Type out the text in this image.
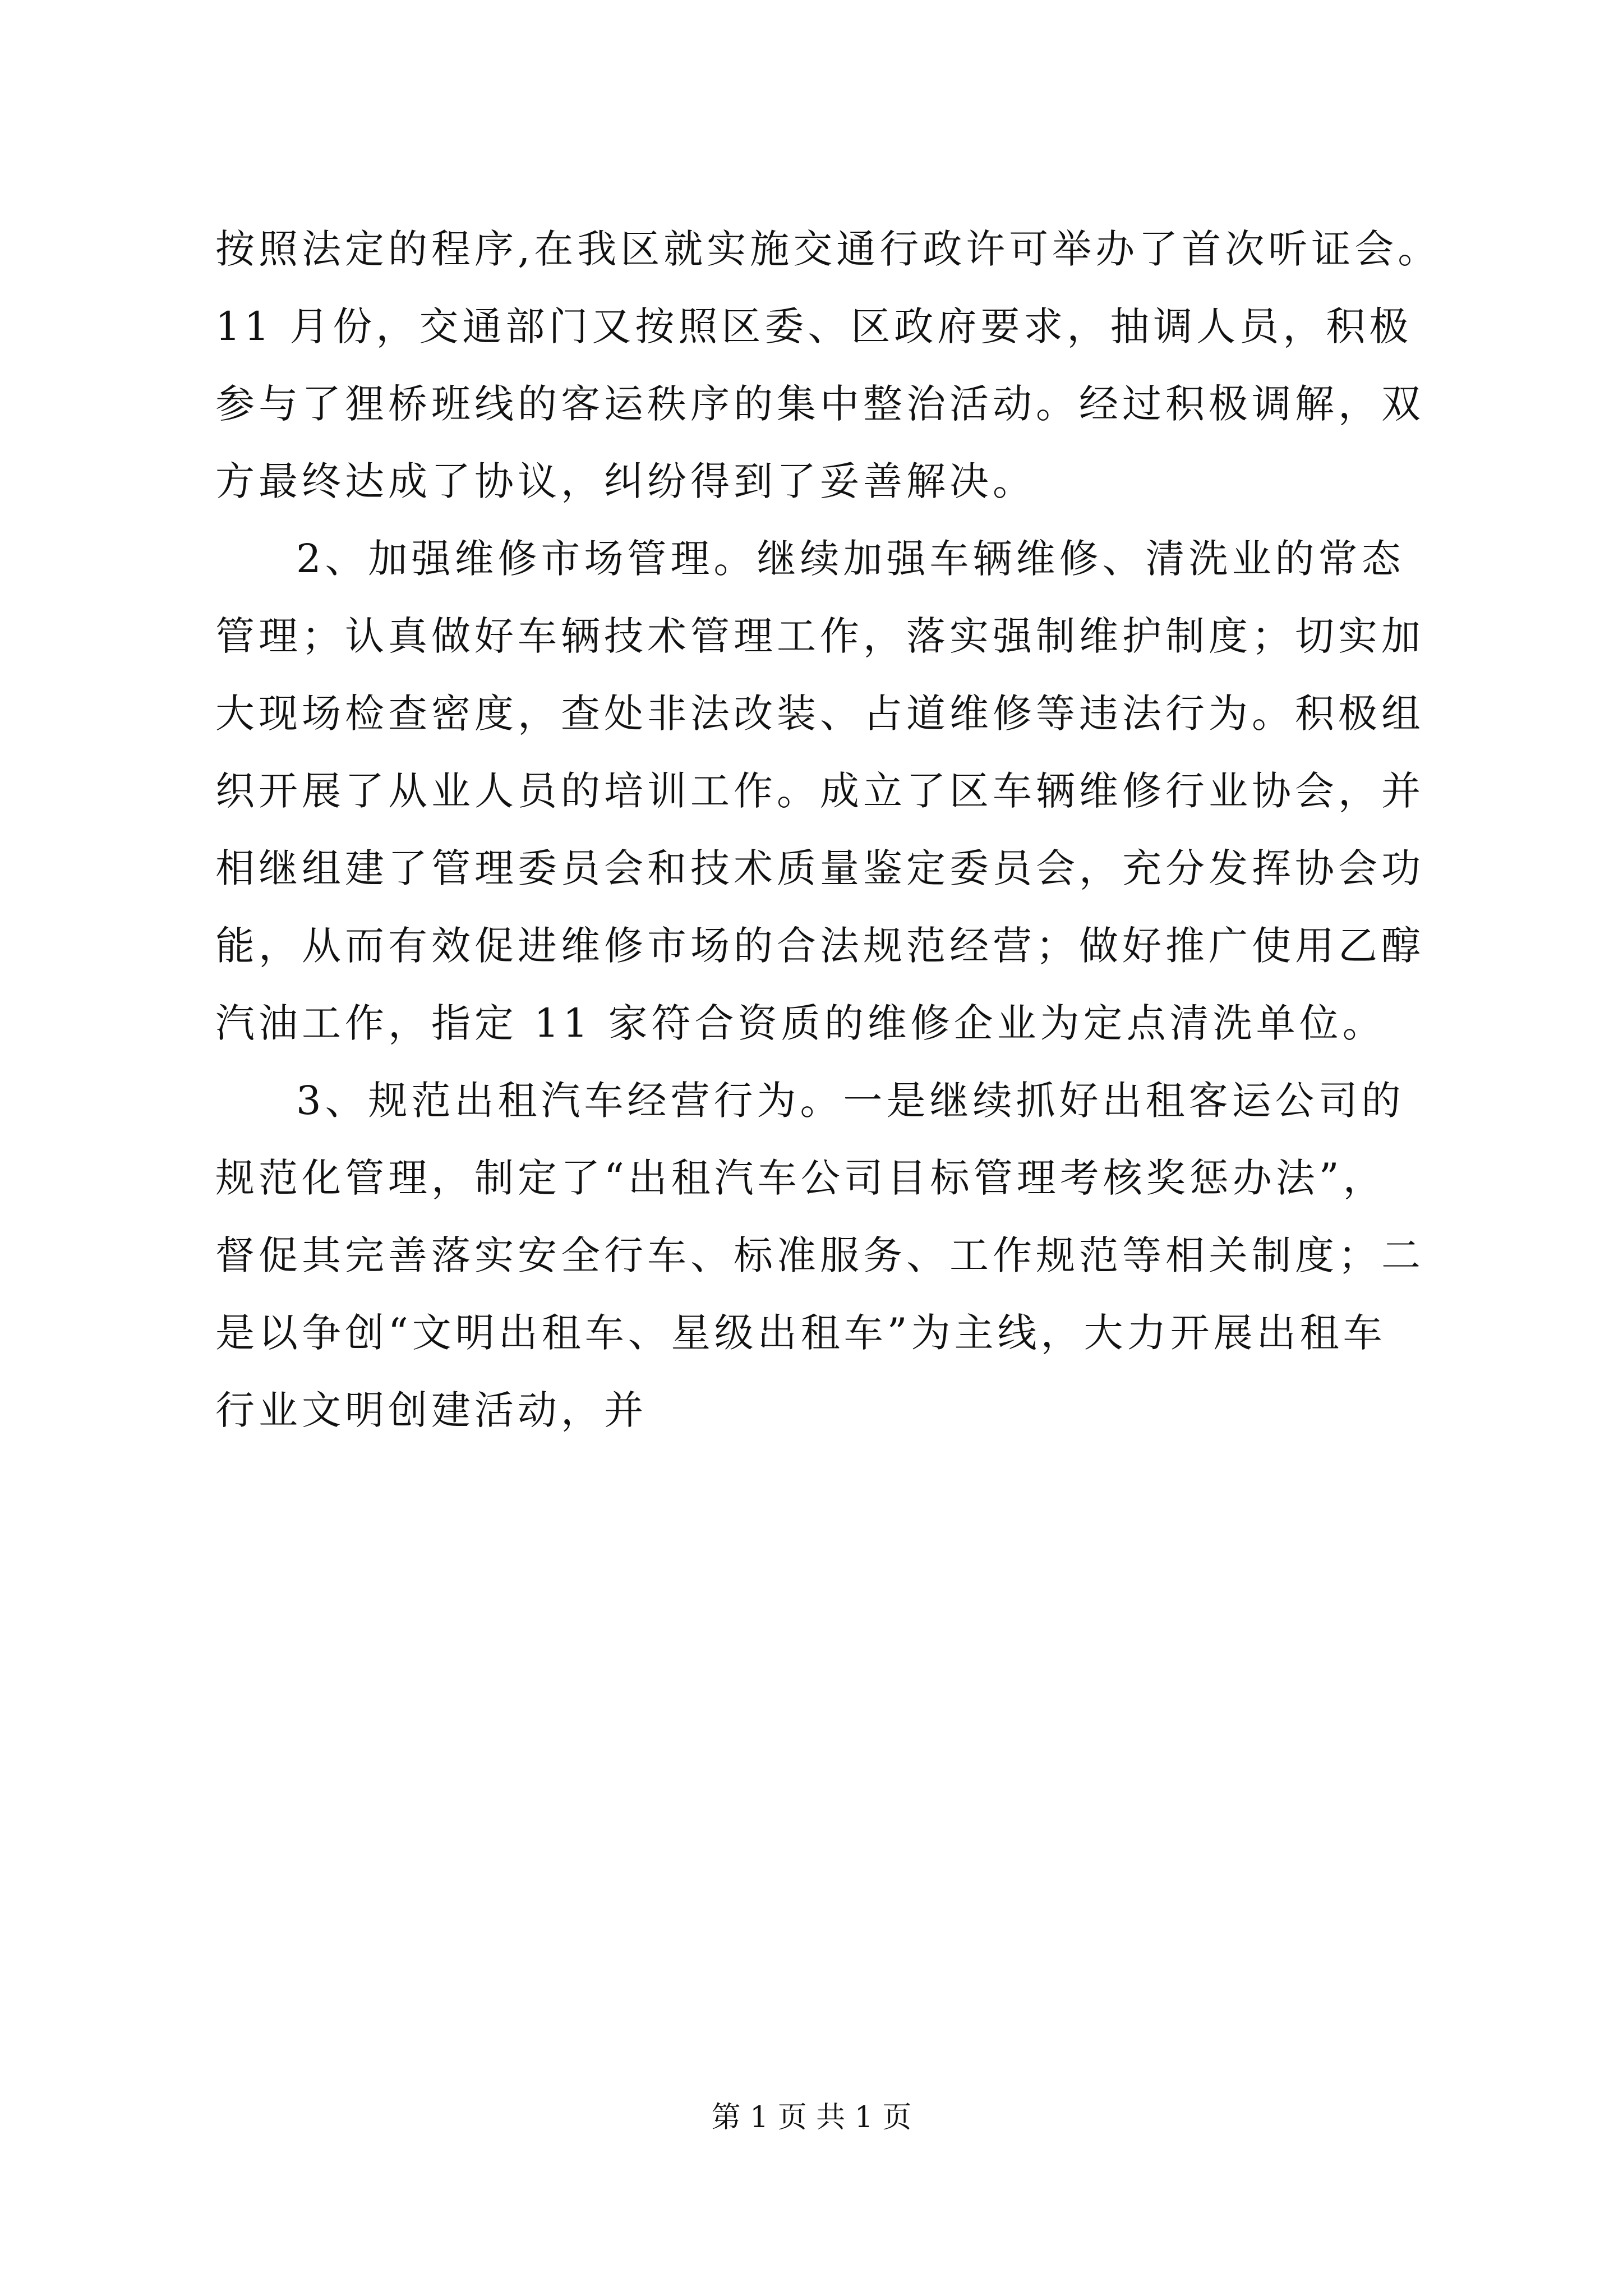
按照法定的程序,在我区就实施交通行政许可举办了首次听证会。
11 月份，交通部门又按照区委、区政府要求，抽调人员，积极
参与了狸桥班线的客运秩序的集中整治活动。经过积极调解，双
方最终达成了协议，纠纷得到了妥善解决。
2、加强维修市场管理。继续加强车辆维修、清洗业的常态
管理；认真做好车辆技术管理工作，落实强制维护制度；切实加
大现场检查密度，查处非法改装、占道维修等违法行为。积极组
织开展了从业人员的培训工作。成立了区车辆维修行业协会，并
相继组建了管理委员会和技术质量鉴定委员会，充分发挥协会功
能，从而有效促进维修市场的合法规范经营；做好推广使用乙醇
汽油工作，指定 11 家符合资质的维修企业为定点清洗单位。
3、规范出租汽车经营行为。一是继续抓好出租客运公司的
规范化管理，制定了“出租汽车公司目标管理考核奖惩办法”，
督促其完善落实安全行车、标准服务、工作规范等相关制度；二
是以争创“文明出租车、星级出租车”为主线，大力开展出租车
行业文明创建活动，并
第 1 页 共 1 页
